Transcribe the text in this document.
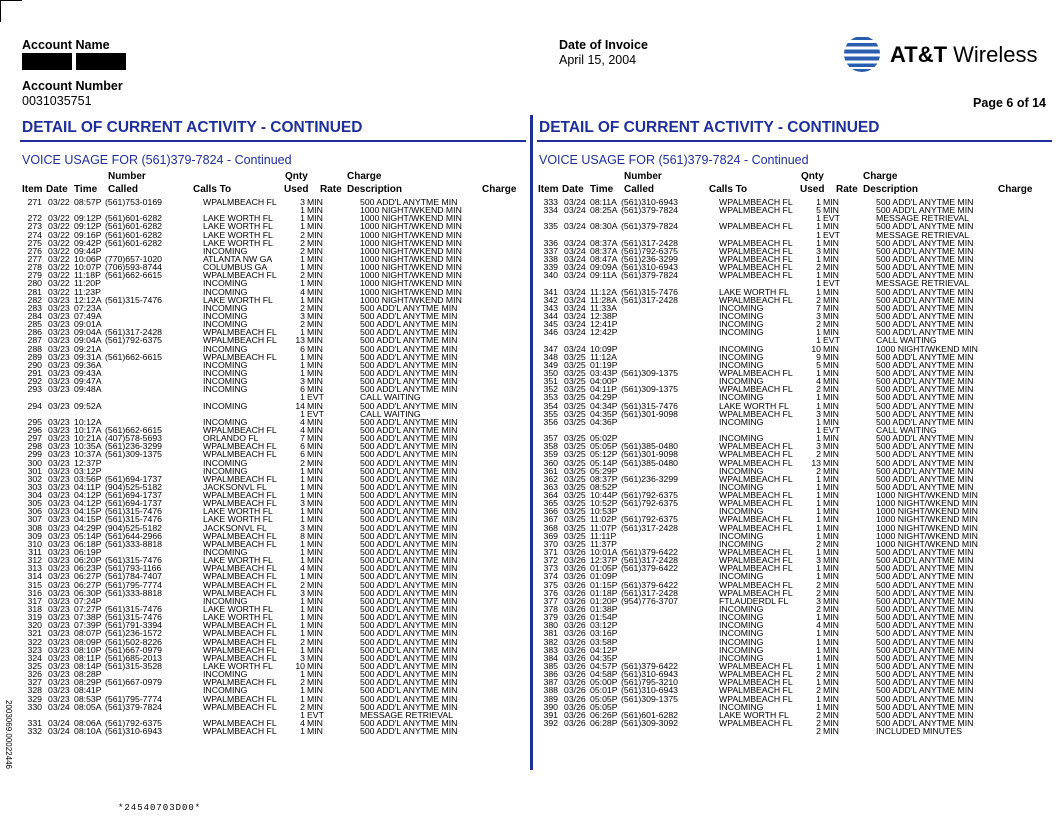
Account Name
Account Number
0031035751
Date of Invoice
April 15, 2004	AT&T Wireless
Page 6 of 14
DETAIL OF CURRENT ACTIVITY - CONTINUED	DETAIL OF CURRENT ACTIVITY - CONTINUED
VOICE USAGE FOR (561)379-7824 - Continued	VOICE USAGE FOR (561)379-7824 - Continued
Number	Qnty	Charge
Item Date Time Called	Calls To	Used Rate Description	Charge
Number	Qnty	Charge
Item Date Time Called	Calls To	Used Rate Description	Charge
271 03/22 08:57P (561)753-0169	WPALMBEACH FL	3 MIN	500 ADD'L ANYTME MIN
1 MIN	1000 NIGHT/WKEND MIN
272 03/22 09:12P (561)601-6282	LAKE WORTH FL	1 MIN	1000 NIGHT/WKEND MIN
273 03/22 09:12P (561)601-6282	LAKE WORTH FL	1 MIN	1000 NIGHT/WKEND MIN
274 03/22 09:16P (561)601-6282	LAKE WORTH FL	2 MIN	1000 NIGHT/WKEND MIN
275 03/22 09:42P (561)601-6282	LAKE WORTH FL	2 MIN	1000 NIGHT/WKEND MIN
276 03/22 09:44P	INCOMING	2 MIN	1000 NIGHT/WKEND MIN
277 03/22 10:06P (770)657-1020	ATLANTA NW GA	1 MIN	1000 NIGHT/WKEND MIN
278 03/22 10:07P (706)593-8744	COLUMBUS GA	1 MIN	1000 NIGHT/WKEND MIN
279 03/22 11:18P (561)662-6615	WPALMBEACH FL	2 MIN	1000 NIGHT/WKEND MIN
280 03/22 11:20P	INCOMING	1 MIN	1000 NIGHT/WKEND MIN
281 03/22 11:23P	INCOMING	4 MIN	1000 NIGHT/WKEND MIN
282 03/23 12:12A (561)315-7476	LAKE WORTH FL	1 MIN	1000 NIGHT/WKEND MIN
283 03/23 07:23A	INCOMING	2 MIN	500 ADD'L ANYTME MIN
284 03/23 07:49A	INCOMING	3 MIN	500 ADD'L ANYTME MIN
285 03/23 09:01A	INCOMING	2 MIN	500 ADD'L ANYTME MIN
286 03/23 09:04A (561)317-2428	WPALMBEACH FL	1 MIN	500 ADD'L ANYTME MIN
287 03/23 09:04A (561)792-6375	WPALMBEACH FL	13 MIN	500 ADD'L ANYTME MIN
288 03/23 09:21A	INCOMING	6 MIN	500 ADD'L ANYTME MIN
289 03/23 09:31A (561)662-6615	WPALMBEACH FL	1 MIN	500 ADD'L ANYTME MIN
290 03/23 09:36A	INCOMING	1 MIN	500 ADD'L ANYTME MIN
291 03/23 09:43A	INCOMING	1 MIN	500 ADD'L ANYTME MIN
292 03/23 09:47A	INCOMING	3 MIN	500 ADD'L ANYTME MIN
293 03/23 09:48A	INCOMING	6 MIN	500 ADD'L ANYTME MIN
1 EVT	CALL WAITING
294 03/23 09:52A	INCOMING	14 MIN	500 ADD'L ANYTME MIN
1 EVT	CALL WAITING
295 03/23 10:12A	INCOMING	4 MIN	500 ADD'L ANYTME MIN
296 03/23 10:17A (561)662-6615	WPALMBEACH FL	4 MIN	500 ADD'L ANYTME MIN
297 03/23 10:21A (407)578-5693	ORLANDO FL	7 MIN	500 ADD'L ANYTME MIN
298 03/23 10:35A (561)236-3299	WPALMBEACH FL	6 MIN	500 ADD'L ANYTME MIN
299 03/23 10:37A (561)309-1375	WPALMBEACH FL	6 MIN	500 ADD'L ANYTME MIN
300 03/23 12:37P	INCOMING	2 MIN	500 ADD'L ANYTME MIN
301 03/23 03:12P	INCOMING	1 MIN	500 ADD'L ANYTME MIN
302 03/23 03:56P (561)694-1737	WPALMBEACH FL	1 MIN	500 ADD'L ANYTME MIN
303 03/23 04:11P (904)525-5182	JACKSONVL FL	1 MIN	500 ADD'L ANYTME MIN
304 03/23 04:12P (561)694-1737	WPALMBEACH FL	1 MIN	500 ADD'L ANYTME MIN
305 03/23 04:12P (561)694-1737	WPALMBEACH FL	3 MIN	500 ADD'L ANYTME MIN
306 03/23 04:15P (561)315-7476	LAKE WORTH FL	1 MIN	500 ADD'L ANYTME MIN
307 03/23 04:15P (561)315-7476	LAKE WORTH FL	1 MIN	500 ADD'L ANYTME MIN
308 03/23 04:29P (904)525-5182	JACKSONVL FL	3 MIN	500 ADD'L ANYTME MIN
309 03/23 05:14P (561)644-2966	WPALMBEACH FL	8 MIN	500 ADD'L ANYTME MIN
310 03/23 06:18P (561)333-8818	WPALMBEACH FL	1 MIN	500 ADD'L ANYTME MIN
311 03/23 06:19P	INCOMING	1 MIN	500 ADD'L ANYTME MIN
312 03/23 06:20P (561)315-7476	LAKE WORTH FL	1 MIN	500 ADD'L ANYTME MIN
313 03/23 06:23P (561)793-1166	WPALMBEACH FL	4 MIN	500 ADD'L ANYTME MIN
314 03/23 06:27P (561)784-7407	WPALMBEACH FL	1 MIN	500 ADD'L ANYTME MIN
315 03/23 06:27P (561)795-7774	WPALMBEACH FL	2 MIN	500 ADD'L ANYTME MIN
316 03/23 06:30P (561)333-8818	WPALMBEACH FL	3 MIN	500 ADD'L ANYTME MIN
317 03/23 07:24P	INCOMING	1 MIN	500 ADD'L ANYTME MIN
318 03/23 07:27P (561)315-7476	LAKE WORTH FL	1 MIN	500 ADD'L ANYTME MIN
319 03/23 07:38P (561)315-7476	LAKE WORTH FL	1 MIN	500 ADD'L ANYTME MIN
320 03/23 07:39P (561)791-3394	WPALMBEACH FL	1 MIN	500 ADD'L ANYTME MIN
321 03/23 08:07P (561)236-1572	WPALMBEACH FL	1 MIN	500 ADD'L ANYTME MIN
322 03/23 08:09P (561)502-8226	WPALMBEACH FL	2 MIN	500 ADD'L ANYTME MIN
323 03/23 08:10P (561)667-0979	WPALMBEACH FL	1 MIN	500 ADD'L ANYTME MIN
324 03/23 08:11P (561)685-2013	WPALMBEACH FL	3 MIN	500 ADD'L ANYTME MIN
325 03/23 08:14P (561)315-3528	LAKE WORTH FL	10 MIN	500 ADD'L ANYTME MIN
326 03/23 08:28P	INCOMING	1 MIN	500 ADD'L ANYTME MIN
327 03/23 08:29P (561)667-0979	WPALMBEACH FL	2 MIN	500 ADD'L ANYTME MIN
328 03/23 08:41P	INCOMING	1 MIN	500 ADD'L ANYTME MIN
329 03/23 08:53P (561)795-7774	WPALMBEACH FL	1 MIN	500 ADD'L ANYTME MIN
330 03/24 08:05A (561)379-7824	WPALMBEACH FL	2 MIN	500 ADD'L ANYTME MIN
1 EVT	MESSAGE RETRIEVAL
331 03/24 08:06A (561)792-6375	WPALMBEACH FL	4 MIN	500 ADD'L ANYTME MIN
332 03/24 08:10A (561)310-6943	WPALMBEACH FL	1 MIN	500 ADD'L ANYTME MIN
333 03/24 08:11A (561)310-6943	WPALMBEACH FL	1 MIN	500 ADD'L ANYTME MIN
334 03/24 08:25A (561)379-7824	WPALMBEACH FL	5 MIN	500 ADD'L ANYTME MIN
1 EVT	MESSAGE RETRIEVAL
335 03/24 08:30A (561)379-7824	WPALMBEACH FL	1 MIN	500 ADD'L ANYTME MIN
1 EVT	MESSAGE RETRIEVAL
336 03/24 08:37A (561)317-2428	WPALMBEACH FL	1 MIN	500 ADD'L ANYTME MIN
337 03/24 08:37A (561)792-6375	WPALMBEACH FL	3 MIN	500 ADD'L ANYTME MIN
338 03/24 08:47A (561)236-3299	WPALMBEACH FL	1 MIN	500 ADD'L ANYTME MIN
339 03/24 09:09A (561)310-6943	WPALMBEACH FL	2 MIN	500 ADD'L ANYTME MIN
340 03/24 09:11A (561)379-7824	WPALMBEACH FL	1 MIN	500 ADD'L ANYTME MIN
1 EVT	MESSAGE RETRIEVAL
341 03/24 11:12A (561)315-7476	LAKE WORTH FL	1 MIN	500 ADD'L ANYTME MIN
342 03/24 11:28A (561)317-2428	WPALMBEACH FL	2 MIN	500 ADD'L ANYTME MIN
343 03/24 11:33A	INCOMING	7 MIN	500 ADD'L ANYTME MIN
344 03/24 12:38P	INCOMING	3 MIN	500 ADD'L ANYTME MIN
345 03/24 12:41P	INCOMING	2 MIN	500 ADD'L ANYTME MIN
346 03/24 12:42P	INCOMING	1 MIN	500 ADD'L ANYTME MIN
1 EVT	CALL WAITING
347 03/24 10:09P	INCOMING	10 MIN	1000 NIGHT/WKEND MIN
348 03/25 11:12A	INCOMING	9 MIN	500 ADD'L ANYTME MIN
349 03/25 01:19P	INCOMING	5 MIN	500 ADD'L ANYTME MIN
350 03/25 03:43P (561)309-1375	WPALMBEACH FL	1 MIN	500 ADD'L ANYTME MIN
351 03/25 04:00P	INCOMING	4 MIN	500 ADD'L ANYTME MIN
352 03/25 04:11P (561)309-1375	WPALMBEACH FL	2 MIN	500 ADD'L ANYTME MIN
353 03/25 04:29P	INCOMING	1 MIN	500 ADD'L ANYTME MIN
354 03/25 04:34P (561)315-7476	LAKE WORTH FL	1 MIN	500 ADD'L ANYTME MIN
355 03/25 04:35P (561)301-9098	WPALMBEACH FL	3 MIN	500 ADD'L ANYTME MIN
356 03/25 04:36P	INCOMING	1 MIN	500 ADD'L ANYTME MIN
1 EVT	CALL WAITING
357 03/25 05:02P	INCOMING	1 MIN	500 ADD'L ANYTME MIN
358 03/25 05:05P (561)385-0480	WPALMBEACH FL	3 MIN	500 ADD'L ANYTME MIN
359 03/25 05:12P (561)301-9098	WPALMBEACH FL	2 MIN	500 ADD'L ANYTME MIN
360 03/25 05:14P (561)385-0480	WPALMBEACH FL	13 MIN	500 ADD'L ANYTME MIN
361 03/25 05:29P	INCOMING	2 MIN	500 ADD'L ANYTME MIN
362 03/25 08:37P (561)236-3299	WPALMBEACH FL	1 MIN	500 ADD'L ANYTME MIN
363 03/25 08:52P	INCOMING	1 MIN	500 ADD'L ANYTME MIN
364 03/25 10:44P (561)792-6375	WPALMBEACH FL	1 MIN	1000 NIGHT/WKEND MIN
365 03/25 10:52P (561)792-6375	WPALMBEACH FL	1 MIN	1000 NIGHT/WKEND MIN
366 03/25 10:53P	INCOMING	1 MIN	1000 NIGHT/WKEND MIN
367 03/25 11:02P (561)792-6375	WPALMBEACH FL	1 MIN	1000 NIGHT/WKEND MIN
368 03/25 11:07P (561)317-2428	WPALMBEACH FL	1 MIN	1000 NIGHT/WKEND MIN
369 03/25 11:11P	INCOMING	1 MIN	1000 NIGHT/WKEND MIN
370 03/25 11:37P	INCOMING	2 MIN	1000 NIGHT/WKEND MIN
371 03/26 10:01A (561)379-6422	WPALMBEACH FL	1 MIN	500 ADD'L ANYTME MIN
372 03/26 12:37P (561)317-2428	WPALMBEACH FL	3 MIN	500 ADD'L ANYTME MIN
373 03/26 01:05P (561)379-6422	WPALMBEACH FL	1 MIN	500 ADD'L ANYTME MIN
374 03/26 01:09P	INCOMING	1 MIN	500 ADD'L ANYTME MIN
375 03/26 01:15P (561)379-6422	WPALMBEACH FL	2 MIN	500 ADD'L ANYTME MIN
376 03/26 01:18P (561)317-2428	WPALMBEACH FL	2 MIN	500 ADD'L ANYTME MIN
377 03/26 01:20P (954)776-3707	FTLAUDERDL FL	3 MIN	500 ADD'L ANYTME MIN
378 03/26 01:38P	INCOMING	2 MIN	500 ADD'L ANYTME MIN
379 03/26 01:54P	INCOMING	1 MIN	500 ADD'L ANYTME MIN
380 03/26 03:12P	INCOMING	4 MIN	500 ADD'L ANYTME MIN
381 03/26 03:16P	INCOMING	1 MIN	500 ADD'L ANYTME MIN
382 03/26 03:58P	INCOMING	1 MIN	500 ADD'L ANYTME MIN
383 03/26 04:12P	INCOMING	1 MIN	500 ADD'L ANYTME MIN
384 03/26 04:35P	INCOMING	1 MIN	500 ADD'L ANYTME MIN
385 03/26 04:57P (561)379-6422	WPALMBEACH FL	1 MIN	500 ADD'L ANYTME MIN
386 03/26 04:58P (561)310-6943	WPALMBEACH FL	2 MIN	500 ADD'L ANYTME MIN
387 03/26 05:00P (561)795-3210	WPALMBEACH FL	1 MIN	500 ADD'L ANYTME MIN
388 03/26 05:01P (561)310-6943	WPALMBEACH FL	2 MIN	500 ADD'L ANYTME MIN
389 03/26 05:05P (561)309-1375	WPALMBEACH FL	1 MIN	500 ADD'L ANYTME MIN
390 03/26 05:05P	INCOMING	1 MIN	500 ADD'L ANYTME MIN
391 03/26 06:26P (561)601-6282	LAKE WORTH FL	2 MIN	500 ADD'L ANYTME MIN
392 03/26 06:28P (561)309-3092	WPALMBEACH FL	2 MIN	500 ADD'L ANYTME MIN
2 MIN	INCLUDED MINUTES
2003069.00022446
*24540703D00*
